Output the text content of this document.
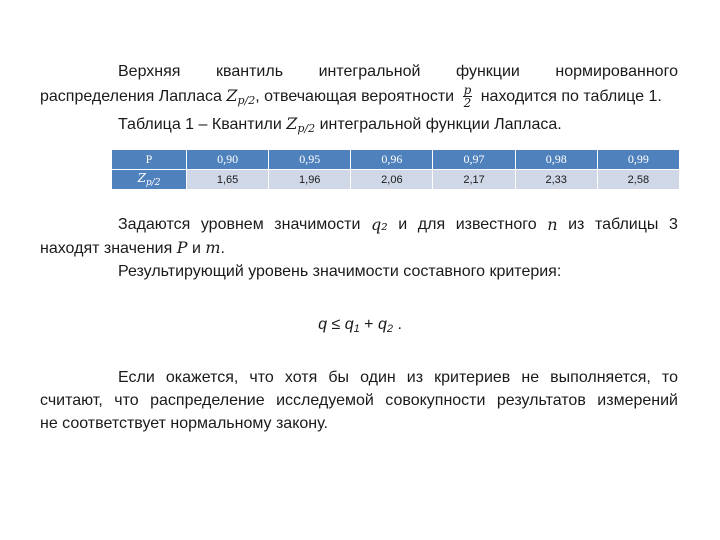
Верхняя квантиль интегральной функции нормированного
распределения Лапласа $Z_{p/2}$, отвечающая вероятности $\frac{p}{2}$ находится по таблице 1.
Таблица 1 – Квантили $Z_{p/2}$ интегральной функции Лапласа.
P	0,90	0,95	0,96	0,97	0,98	0,99
$Z_{p/2}$	1,65	1,96	2,06	2,17	2,33	2,58
Задаются уровнем значимости q₂ и для известного n из таблицы 3
находят значения P и m.
Результирующий уровень значимости составного критерия:
$q \le q_1 + q_2$ .
Если окажется, что хотя бы один из критериев не выполняется, то
считают, что распределение исследуемой совокупности результатов измерений
не соответствует нормальному закону.
